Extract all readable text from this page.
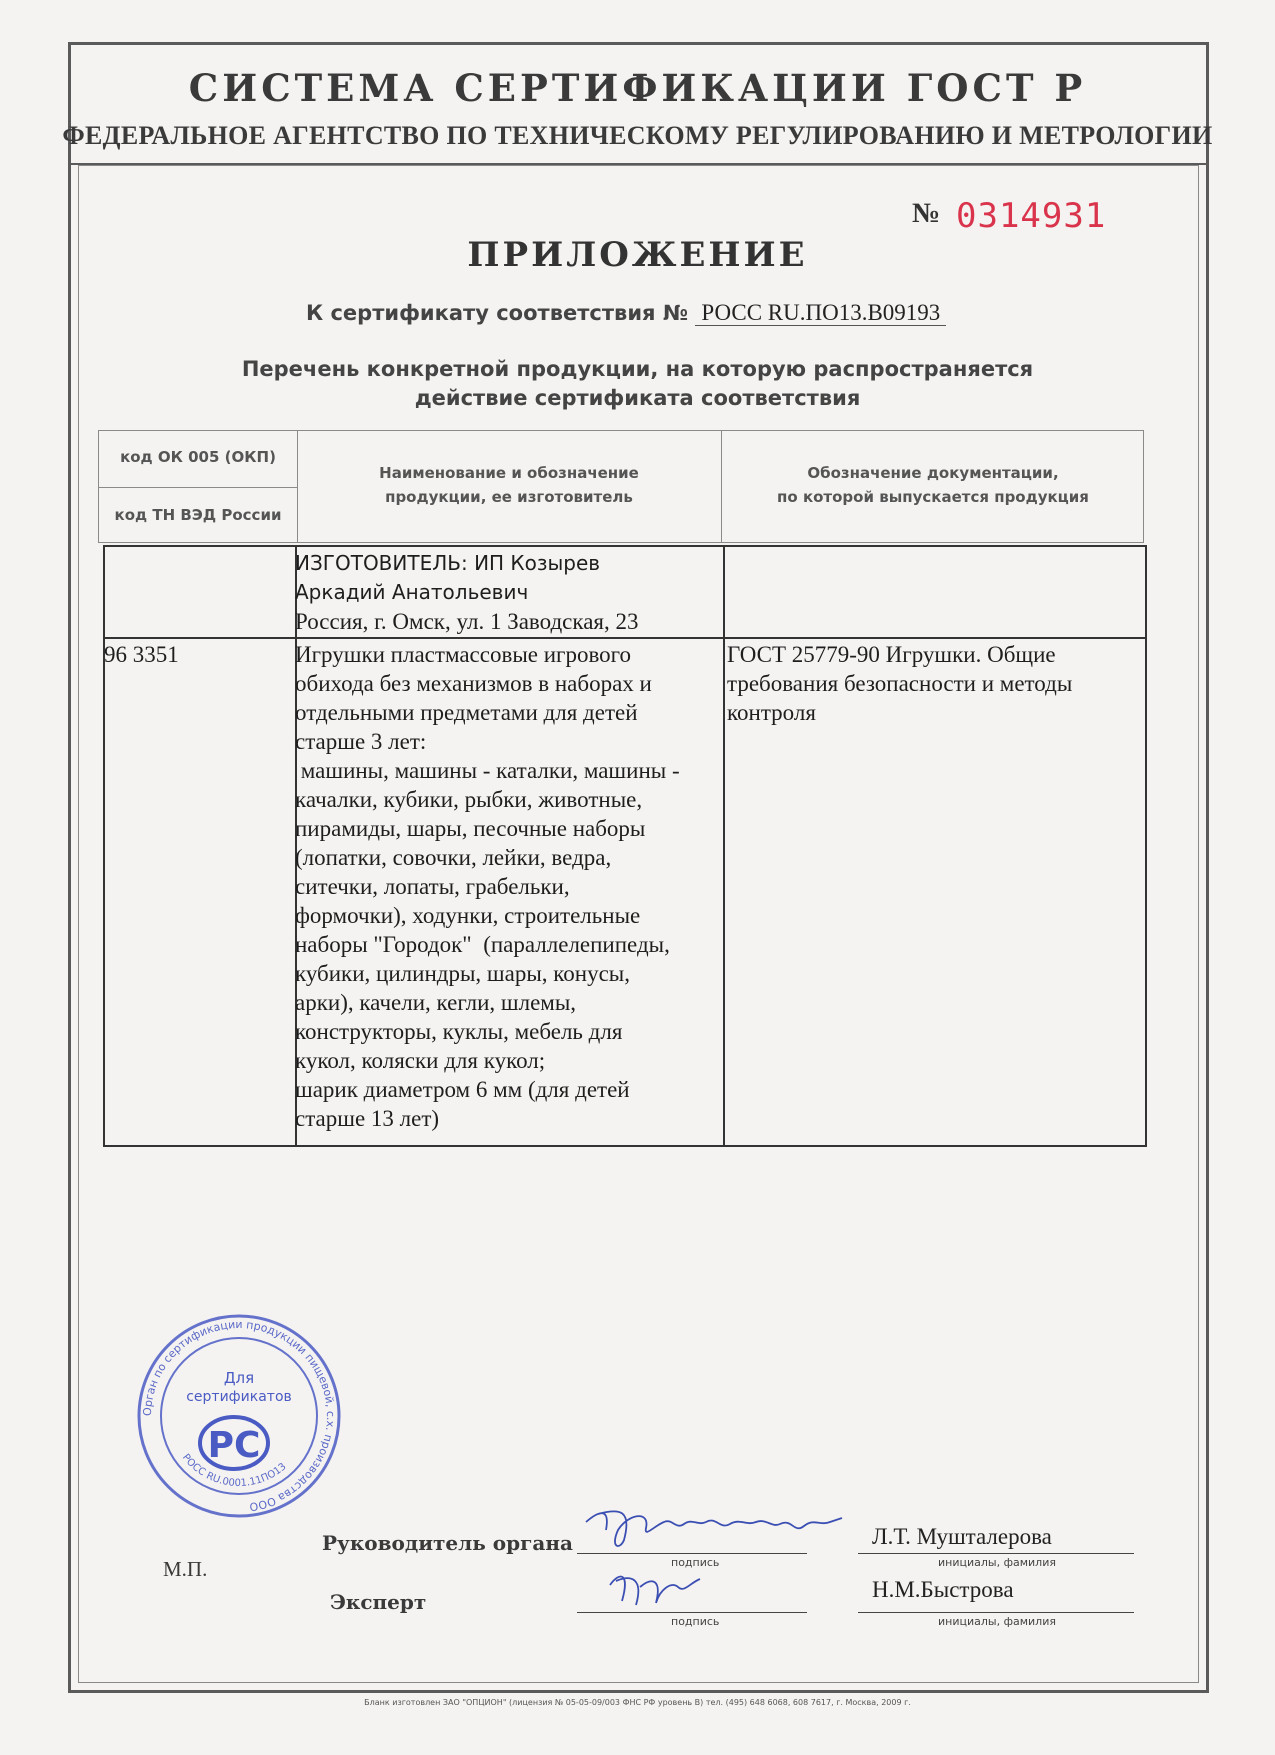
СИСТЕМА СЕРТИФИКАЦИИ ГОСТ Р
ФЕДЕРАЛЬНОЕ АГЕНТСТВО ПО ТЕХНИЧЕСКОМУ РЕГУЛИРОВАНИЮ И МЕТРОЛОГИИ
№ 0314931
ПРИЛОЖЕНИЕ
К сертификату соответствия № РОСС RU.ПО13.В09193
Перечень конкретной продукции, на которую распространяется
действие сертификата соответствия
код ОК 005 (ОКП)
код ТН ВЭД России
Наименование и обозначение
продукции, ее изготовитель
Обозначение документации,
по которой выпускается продукция
ИЗГОТОВИТЕЛЬ: ИП Козырев
Аркадий Анатольевич
Россия, г. Омск, ул. 1 Заводская, 23
96 3351	Игрушки пластмассовые игрового
обихода без механизмов в наборах и
отдельными предметами для детей
старше 3 лет:
машины, машины - каталки, машины -
качалки, кубики, рыбки, животные,
пирамиды, шары, песочные наборы
(лопатки, совочки, лейки, ведра,
ситечки, лопаты, грабельки,
формочки), ходунки, строительные
наборы "Городок"  (параллелепипеды,
кубики, цилиндры, шары, конусы,
арки), качели, кегли, шлемы,
конструкторы, куклы, мебель для
кукол, коляски для кукол;
шарик диаметром 6 мм (для детей
старше 13 лет)
ГОСТ 25779-90 Игрушки. Общие
требования безопасности и методы
контроля
Руководитель органа
подпись
Л.Т. Мушталерова
инициалы, фамилия
Эксперт
подпись
Н.М.Быстрова
инициалы, фамилия
М.П.
Орган по сертификации продукции пищевой, с.х. производства ООО
РОСС RU.0001.11ПО13
Для
сертификатов
PC
Бланк изготовлен ЗАО "ОПЦИОН" (лицензия № 05-05-09/003 ФНС РФ уровень В) тел. (495) 648 6068, 608 7617, г. Москва, 2009 г.
